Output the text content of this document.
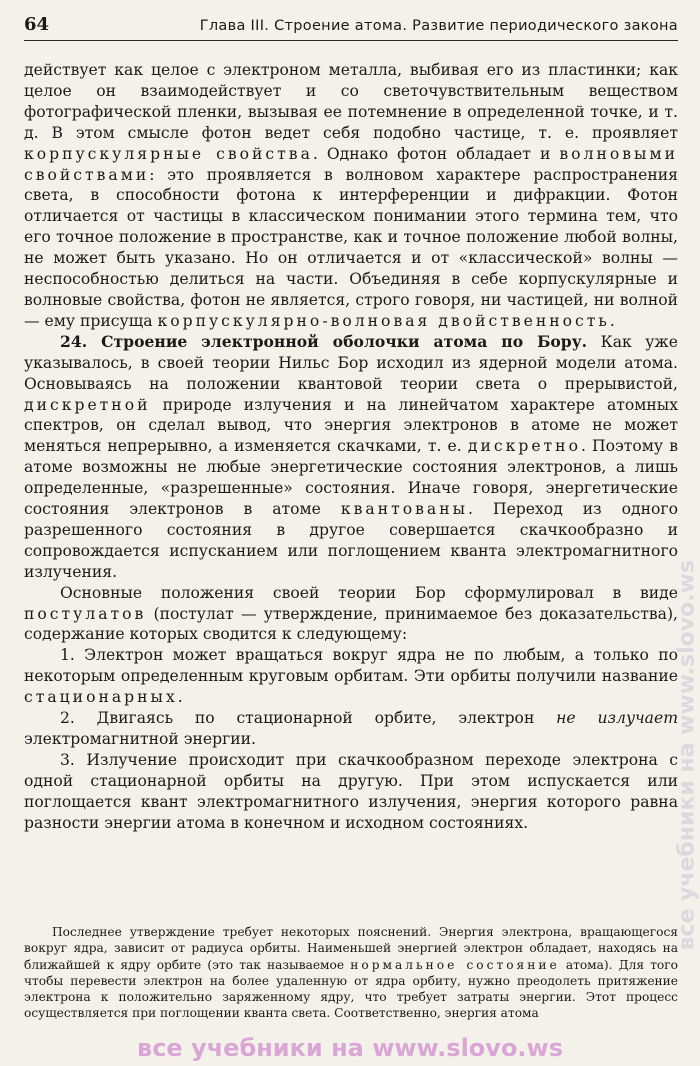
64	Глава III. Строение атома. Развитие периодического закона

действует как целое с электроном металла, выбивая его из пластинки; как целое он взаимодействует и со светочувствительным веществом фотографической пленки, вызывая ее потемнение в определенной точке, и т. д. В этом смысле фотон ведет себя подобно частице, т. е. проявляет корпускулярные свойства. Однако фотон обладает и волновыми свойствами: это проявляется в волновом характере распространения света, в способности фотона к интерференции и дифракции. Фотон отличается от частицы в классическом понимании этого термина тем, что его точное положение в пространстве, как и точное положение любой волны, не может быть указано. Но он отличается и от «классической» волны — неспособностью делиться на части. Объединяя в себе корпускулярные и волновые свойства, фотон не является, строго говоря, ни частицей, ни волной — ему присуща корпускулярно-волновая двойственность.

24. Строение электронной оболочки атома по Бору. Как уже указывалось, в своей теории Нильс Бор исходил из ядерной модели атома. Основываясь на положении квантовой теории света о прерывистой, дискретной природе излучения и на линейчатом характере атомных спектров, он сделал вывод, что энергия электронов в атоме не может меняться непрерывно, а изменяется скачками, т. е. дискретно. Поэтому в атоме возможны не любые энергетические состояния электронов, а лишь определенные, «разрешенные» состояния. Иначе говоря, энергетические состояния электронов в атоме квантованы. Переход из одного разрешенного состояния в другое совершается скачкообразно и сопровождается испусканием или поглощением кванта электромагнитного излучения.

Основные положения своей теории Бор сформулировал в виде постулатов (постулат — утверждение, принимаемое без доказательства), содержание которых сводится к следующему:

1. Электрон может вращаться вокруг ядра не по любым, а только по некоторым определенным круговым орбитам. Эти орбиты получили название стационарных.

2. Двигаясь по стационарной орбите, электрон не излучает электромагнитной энергии.

3. Излучение происходит при скачкообразном переходе электрона с одной стационарной орбиты на другую. При этом испускается или поглощается квант электромагнитного излучения, энергия которого равна разности энергии атома в конечном и исходном состояниях.

Последнее утверждение требует некоторых пояснений. Энергия электрона, вращающегося вокруг ядра, зависит от радиуса орбиты. Наименьшей энергией электрон обладает, находясь на ближайшей к ядру орбите (это так называемое нормальное состояние атома). Для того чтобы перевести электрон на более удаленную от ядра орбиту, нужно преодолеть притяжение электрона к положительно заряженному ядру, что требует затраты энергии. Этот процесс осуществляется при поглощении кванта света. Соответственно, энергия атома

все учебники на www.slovo.ws
все учебники на www.slovo.ws
